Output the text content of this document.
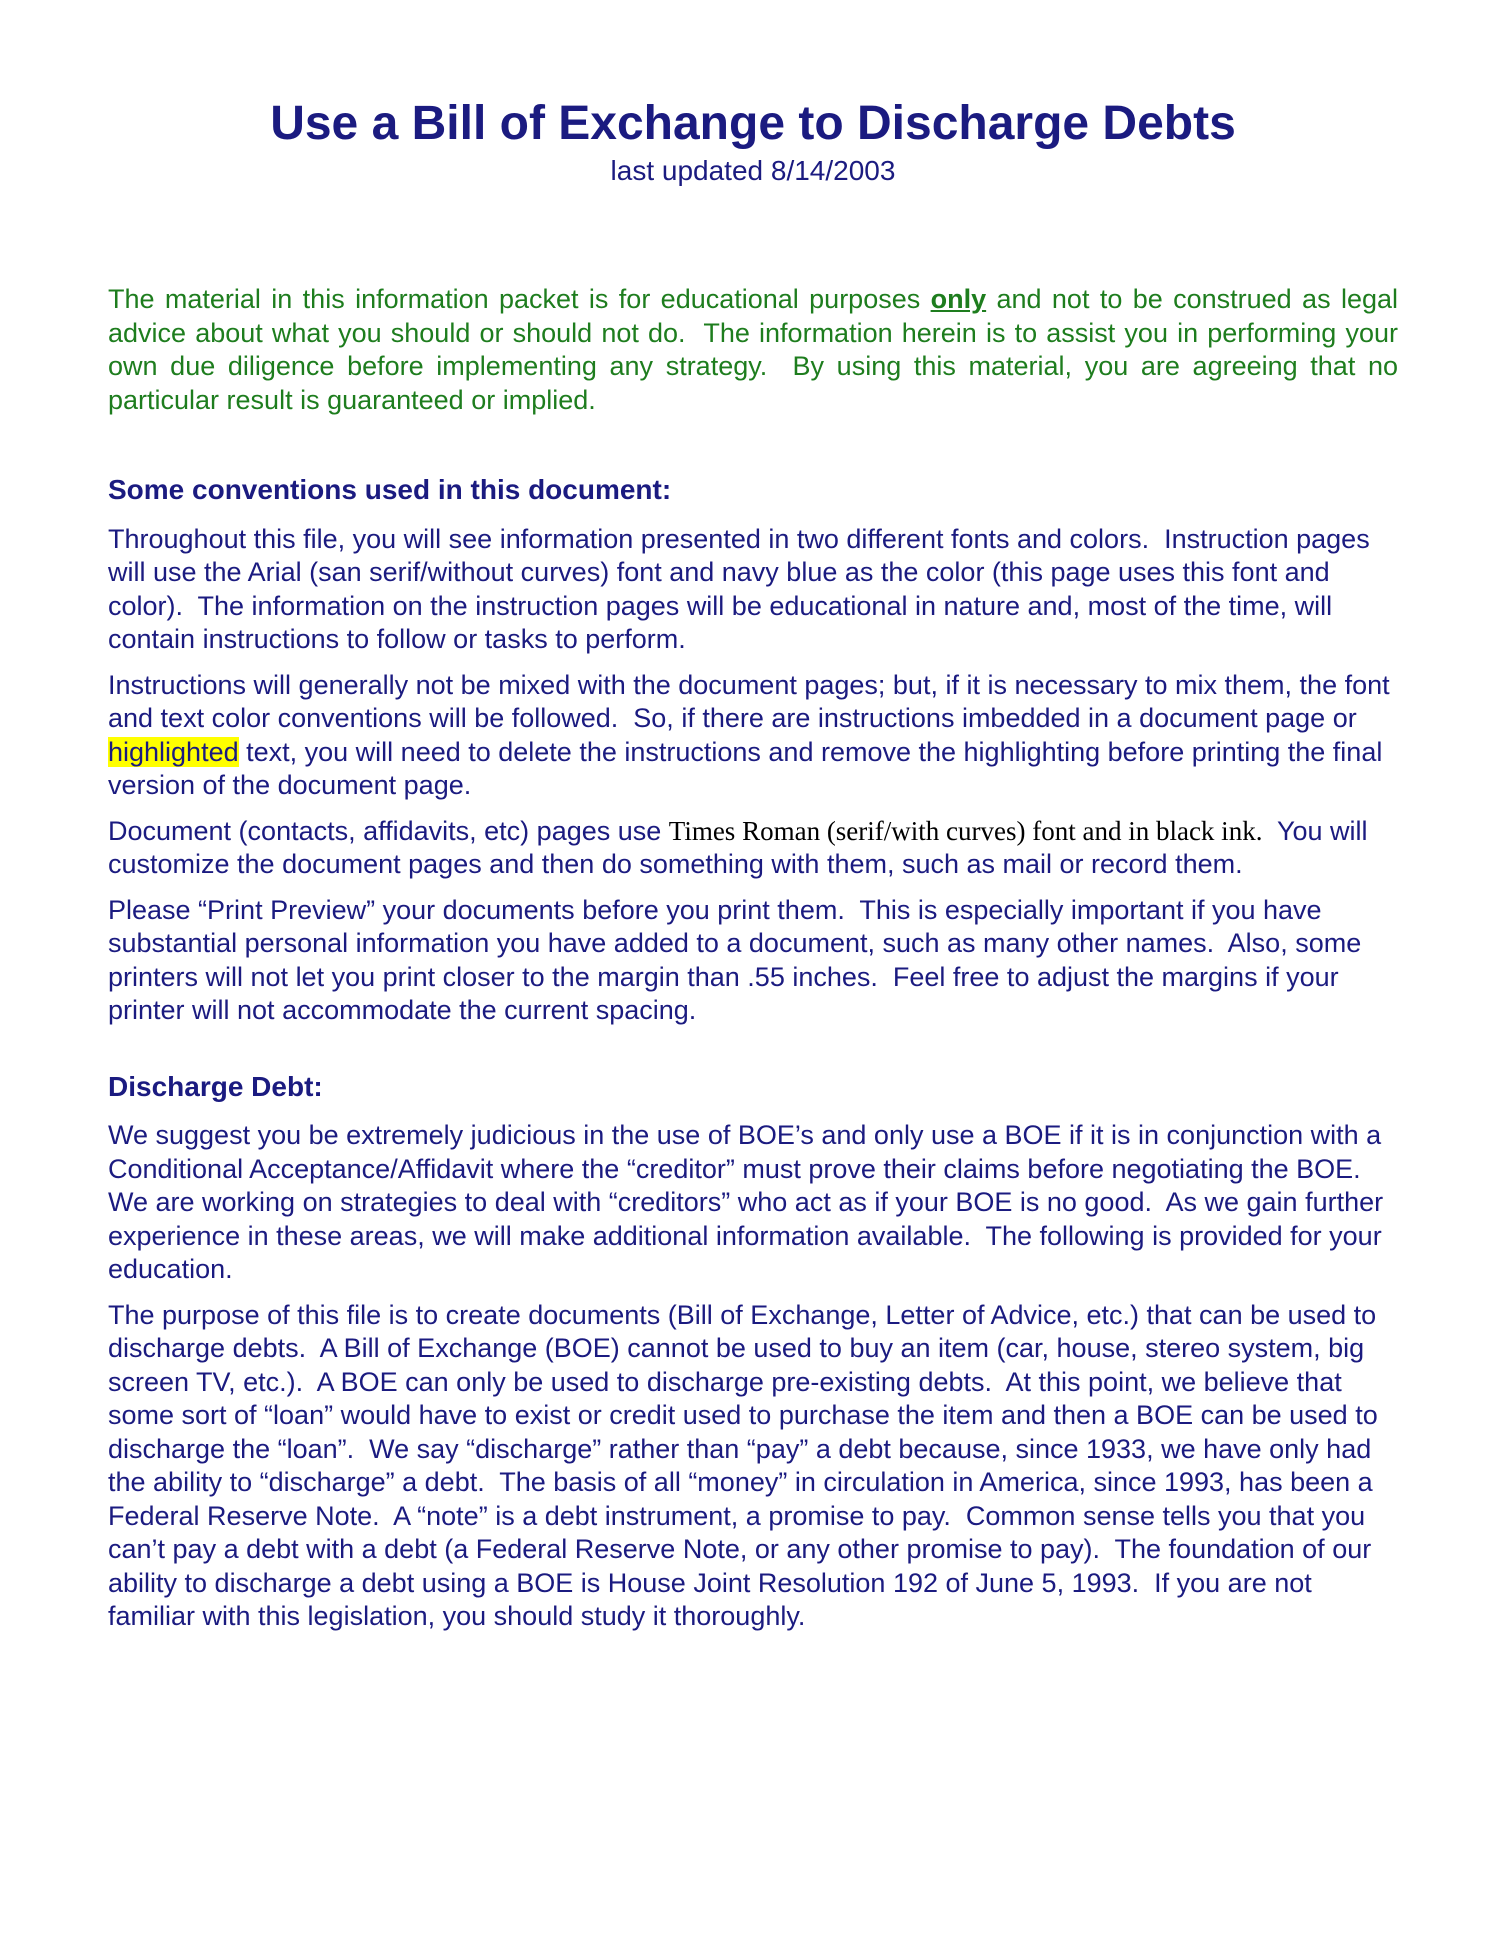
Use a Bill of Exchange to Discharge Debts
last updated 8/14/2003

The material in this information packet is for educational purposes only and not to be construed as legal advice about what you should or should not do.  The information herein is to assist you in performing your own due diligence before implementing any strategy.  By using this material, you are agreeing that no particular result is guaranteed or implied.

Some conventions used in this document:

Throughout this file, you will see information presented in two different fonts and colors.  Instruction pages will use the Arial (san serif/without curves) font and navy blue as the color (this page uses this font and color).  The information on the instruction pages will be educational in nature and, most of the time, will contain instructions to follow or tasks to perform.

Instructions will generally not be mixed with the document pages; but, if it is necessary to mix them, the font and text color conventions will be followed.  So, if there are instructions imbedded in a document page or highlighted text, you will need to delete the instructions and remove the highlighting before printing the final version of the document page.

Document (contacts, affidavits, etc) pages use Times Roman (serif/with curves) font and in black ink.  You will customize the document pages and then do something with them, such as mail or record them.

Please “Print Preview” your documents before you print them.  This is especially important if you have substantial personal information you have added to a document, such as many other names.  Also, some printers will not let you print closer to the margin than .55 inches.  Feel free to adjust the margins if your printer will not accommodate the current spacing.

Discharge Debt:

We suggest you be extremely judicious in the use of BOE’s and only use a BOE if it is in conjunction with a Conditional Acceptance/Affidavit where the “creditor” must prove their claims before negotiating the BOE.  We are working on strategies to deal with “creditors” who act as if your BOE is no good.  As we gain further experience in these areas, we will make additional information available.  The following is provided for your education.

The purpose of this file is to create documents (Bill of Exchange, Letter of Advice, etc.) that can be used to discharge debts.  A Bill of Exchange (BOE) cannot be used to buy an item (car, house, stereo system, big screen TV, etc.).  A BOE can only be used to discharge pre-existing debts.  At this point, we believe that some sort of “loan” would have to exist or credit used to purchase the item and then a BOE can be used to discharge the “loan”.  We say “discharge” rather than “pay” a debt because, since 1933, we have only had the ability to “discharge” a debt.  The basis of all “money” in circulation in America, since 1993, has been a Federal Reserve Note.  A “note” is a debt instrument, a promise to pay.  Common sense tells you that you can’t pay a debt with a debt (a Federal Reserve Note, or any other promise to pay).  The foundation of our ability to discharge a debt using a BOE is House Joint Resolution 192 of June 5, 1993.  If you are not familiar with this legislation, you should study it thoroughly.
